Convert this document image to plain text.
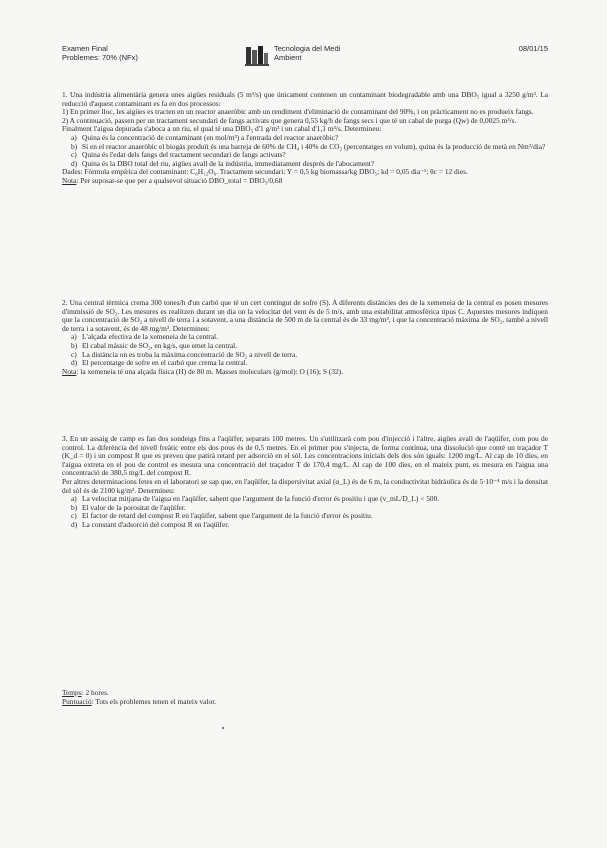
Examen Final
Problemes: 70% (NFx)
Tecnologia del Medi
Ambient
08/01/15

1. Una indústria alimentària genera unes aigües residuals (5 m³/s) que únicament contenen un contaminant biodegradable amb una DBO₅ igual a 3250 g/m³. La reducció d'aquest contaminant es fa en dos processos:

1) En primer lloc, les aigües es tracten en un reactor anaeròbic amb un rendiment d'eliminació de contaminant del 90%, i on pràcticament no es produeix fangs.

2) A continuació, passen per un tractament secundari de fangs activats que genera 0,55 kg/h de fangs secs i que té un cabal de purga (Qw) de 0,0025 m³/s.

Finalment l'aigua depurada s'aboca a un riu, el qual té una DBO₅ d'1 g/m³ i un cabal d'1,1 m³/s. Determineu:

a) Quina és la concentració de contaminant (en mol/m³) a l'entrada del reactor anaeròbic?
b) Si en el reactor anaeròbic el biogàs produït és una barreja de 60% de CH₄ i 40% de CO₂ (percentatges en volum), quina és la producció de metà en Nm³/dia?
c) Quina és l'edat dels fangs del tractament secundari de fangs activats?
d) Quina és la DBO total del riu, aigües avall de la indústria, immediatament després de l'abocament?

Dades: Fórmula empírica del contaminant: C₆H₁₂O₆. Tractament secundari: Y = 0,5 kg biomassa/kg DBO₅; kd = 0,05 dia⁻¹; θc = 12 dies.

Nota: Per suposar-se que per a qualsevol situació DBO_total = DBO₅/0,68

2. Una central tèrmica crema 300 tones/h d'un carbó que té un cert contingut de sofre (S). A diferents distàncies des de la xemeneia de la central es posen mesures d'immissió de SO₂. Les mesures es realitzen durant un dia on la velocitat del vent és de 5 m/s, amb una estabilitat atmosfèrica tipus C. Aquestes mesures indiquen que la concentració de SO₂ a nivell de terra i a sotavent, a una distància de 500 m de la central és de 33 mg/m³, i que la concentració màxima de SO₂, també a nivell de terra i a sotavent, és de 48 mg/m³. Determineu:

a) L'alçada efectiva de la xemeneia de la central.
b) El cabal màssic de SO₂, en kg/s, que emet la central.
c) La distància on es troba la màxima concentració de SO₂ a nivell de terra.
d) El percentatge de sofre en el carbó que crema la central.

Nota: la xemeneia té una alçada física (H) de 80 m. Masses moleculars (g/mol): O (16); S (32).

3. En un assaig de camp es fan dos sondeigs fins a l'aqüífer, separats 100 metres. Un s'utilitzarà com pou d'injecció i l'altre, aigües avall de l'aqüífer, com pou de control. La diferència del nivell freàtic entre els dos pous és de 0,5 metres. En el primer pou s'injecta, de forma contínua, una dissolució que conté un traçador T (K_d = 0) i un compost R que es preveu que patirà retard per adsorció en el sòl. Les concentracions inicials dels dos són iguals: 1200 mg/L. Al cap de 10 dies, en l'aigua extreta en el pou de control es mesura una concentració del traçador T de 170,4 mg/L. Al cap de 100 dies, en el mateix punt, es mesura en l'aigua una concentració de 380,5 mg/L del compost R.

Per altres determinacions fetes en el laboratori se sap que, en l'aqüífer, la dispersivitat axial (α_L) és de 6 m, la conductivitat hidràulica és de 5·10⁻⁴ m/s i la densitat del sòl és de 2100 kg/m³. Determineu:

a) La velocitat mitjana de l'aigua en l'aqüífer, sabent que l'argument de la funció d'error és positiu i que (v_mL/D_L) < 500.
b) El valor de la porositat de l'aqüífer.
c) El factor de retard del compost R en l'aqüífer, sabent que l'argument de la funció d'error és positiu.
d) La constant d'adsorció del compost R en l'aqüífer.

Temps: 2 hores.

Puntuació: Tots els problemes tenen el mateix valor.
